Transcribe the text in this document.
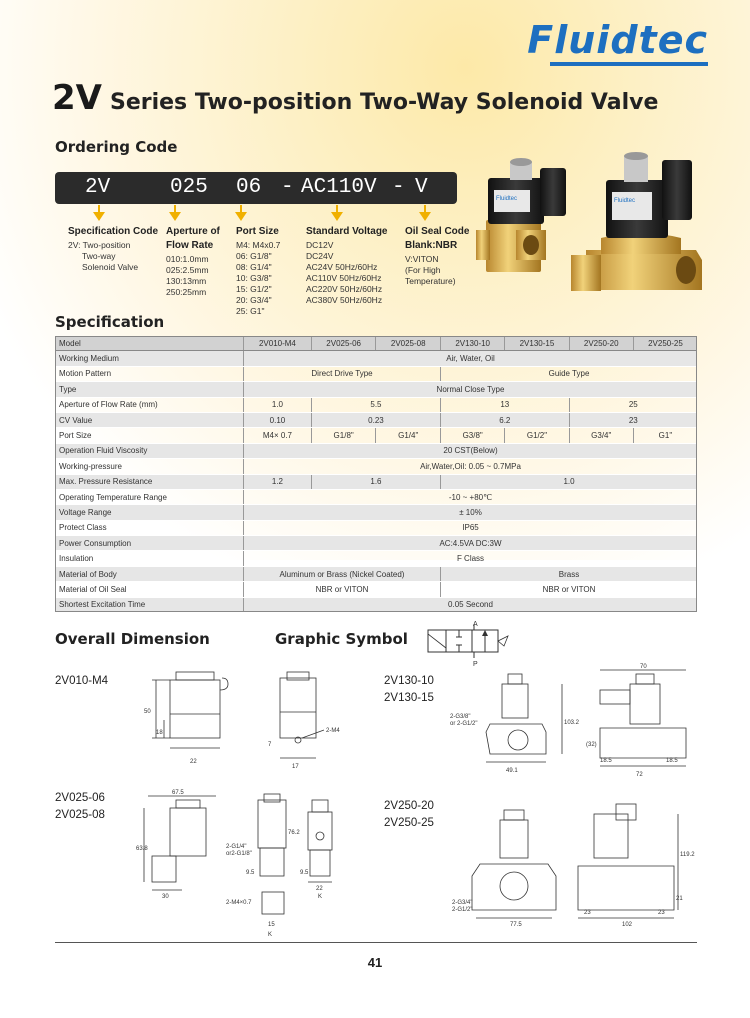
Fluidtec
2V Series Two-position Two-Way Solenoid Valve
Ordering Code
2V	025 06 - AC110V - V
Specification Code
2V: Two-position
Two-way
Solenoid Valve
Aperture of
Flow Rate
010:1.0mm
025:2.5mm
130:13mm
250:25mm
Port Size
M4: M4x0.7
06: G1/8"
08: G1/4"
10: G3/8"
15: G1/2"
20: G3/4"
25: G1"
Standard Voltage
DC12V
DC24V
AC24V 50Hz/60Hz
AC110V 50Hz/60Hz
AC220V 50Hz/60Hz
AC380V 50Hz/60Hz
Oil Seal Code
Blank:NBR
V:VITON
(For High
Temperature)
Fluidtec	Fluidtec
Specification
Model	2V010-M4	2V025-06	2V025-08	2V130-10	2V130-15	2V250-20	2V250-25
Working Medium	Air, Water, Oil						
Motion Pattern	Direct Drive Type			Guide Type			
Type	Normal Close Type						
Aperture of Flow Rate (mm)	1.0	5.5		13		25	
CV Value	0.10	0.23		6.2		23	
Port Size	M4× 0.7	G1/8"	G1/4"	G3/8"	G1/2"	G3/4"	G1"
Operation Fluid Viscosity	20 CST(Below)						
Working-pressure	Air,Water,Oil: 0.05 ~ 0.7MPa						
Max. Pressure Resistance	1.2	1.6		1.0			
Operating Temperature Range	-10 ~ +80℃						
Voltage Range	± 10%						
Protect Class	IP65						
Power Consumption	AC:4.5VA DC:3W						
Insulation	F Class						
Material of Body	Aluminum or Brass (Nickel Coated)			Brass			
Material of Oil Seal	NBR or VITON			NBR or VITON			
Shortest Excitation Time	0.05 Second						
Overall Dimension	Graphic Symbol
A
P
2V010-M4	2V130-10
2V130-15
2V025-06
2V025-08
2V250-20
2V250-25
50
18
22
17
7
2-M4
70
2-G3/8"
or 2-G1/2"	103.2
49.1
(32)
18.5
72
18.5
67.5
63.8
30
2-G1/4"
or2-G1/8"
76.2
9.5	9.5
22
K
2-M4×0.7
15
K
2-G3/4"
2-G1/2"
77.5
119.2
21
23
102
23
41
